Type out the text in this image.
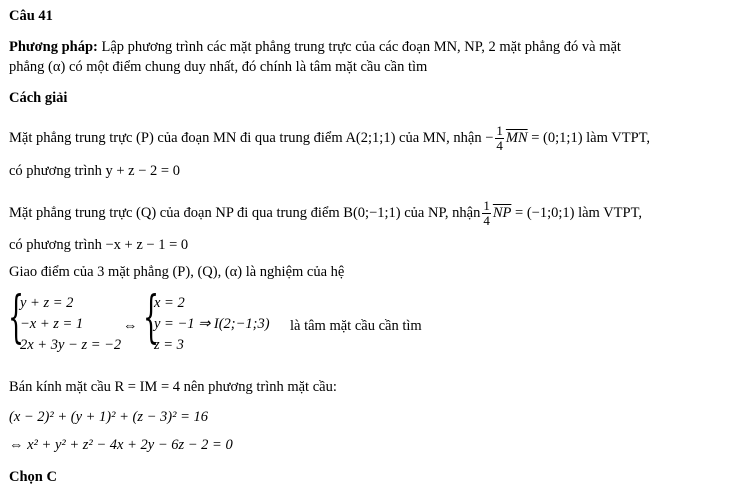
Câu 41
Phương pháp: Lập phương trình các mặt phẳng trung trực của các đoạn MN, NP, 2 mặt phẳng đó và mặt
phẳng (α) có một điểm chung duy nhất, đó chính là tâm mặt cầu cần tìm
Cách giải
Mặt phẳng trung trực (P) của đoạn MN đi qua trung điểm A(2;1;1) của MN, nhận − $\frac{1}{4} \overline{MN}$ = (0;1;1) làm VTPT,
có phương trình y + z − 2 = 0
Mặt phẳng trung trực (Q) của đoạn NP đi qua trung điểm B(0;−1;1) của NP, nhận $\frac{1}{4} \overline{NP}$ = (−1;0;1) làm VTPT,
có phương trình −x + z − 1 = 0
Giao điểm của 3 mặt phẳng (P), (Q), (α) là nghiệm của hệ
{
y + z = 2
−x + z = 1
2x + 3y − z = −2
⇔ {
x = 2
y = −1 ⇒ I(2;−1;3)
z = 3
là tâm mặt cầu cần tìm
Bán kính mặt cầu R = IM = 4 nên phương trình mặt cầu:
(x − 2)² + (y + 1)² + (z − 3)² = 16
⇔ x² + y² + z² − 4x + 2y − 6z − 2 = 0
Chọn C
